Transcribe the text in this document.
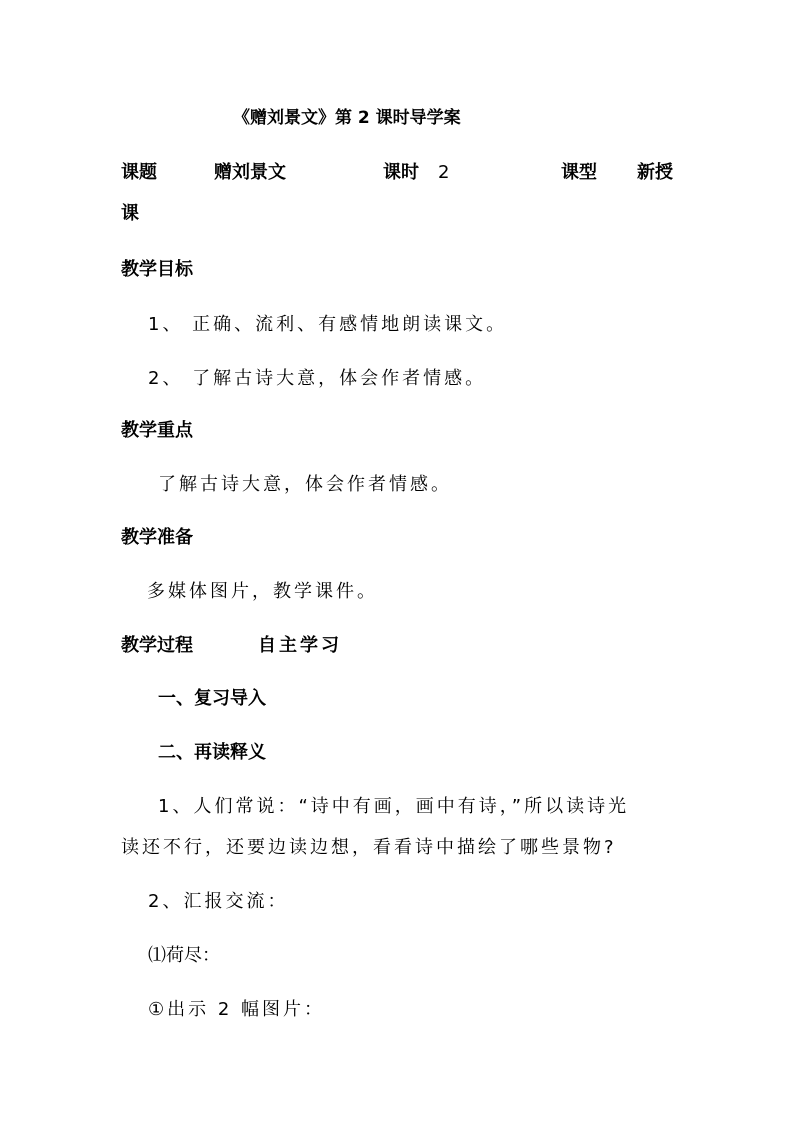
《赠刘景文》第 2 课时导学案
课题	赠刘景文	课时 2	课型 新授
课
教学目标
1、 正确、流利、有感情地朗读课文。
2、 了解古诗大意，体会作者情感。
教学重点
了解古诗大意，体会作者情感。
教学准备
多媒体图片，教学课件。
教学过程	自主学习
一、复习导入
二、再读释义
1、人们常说：“诗中有画，画中有诗，”所以读诗光
读还不行，还要边读边想，看看诗中描绘了哪些景物?
2、汇报交流：
⑴荷尽：
①出示 2 幅图片：
